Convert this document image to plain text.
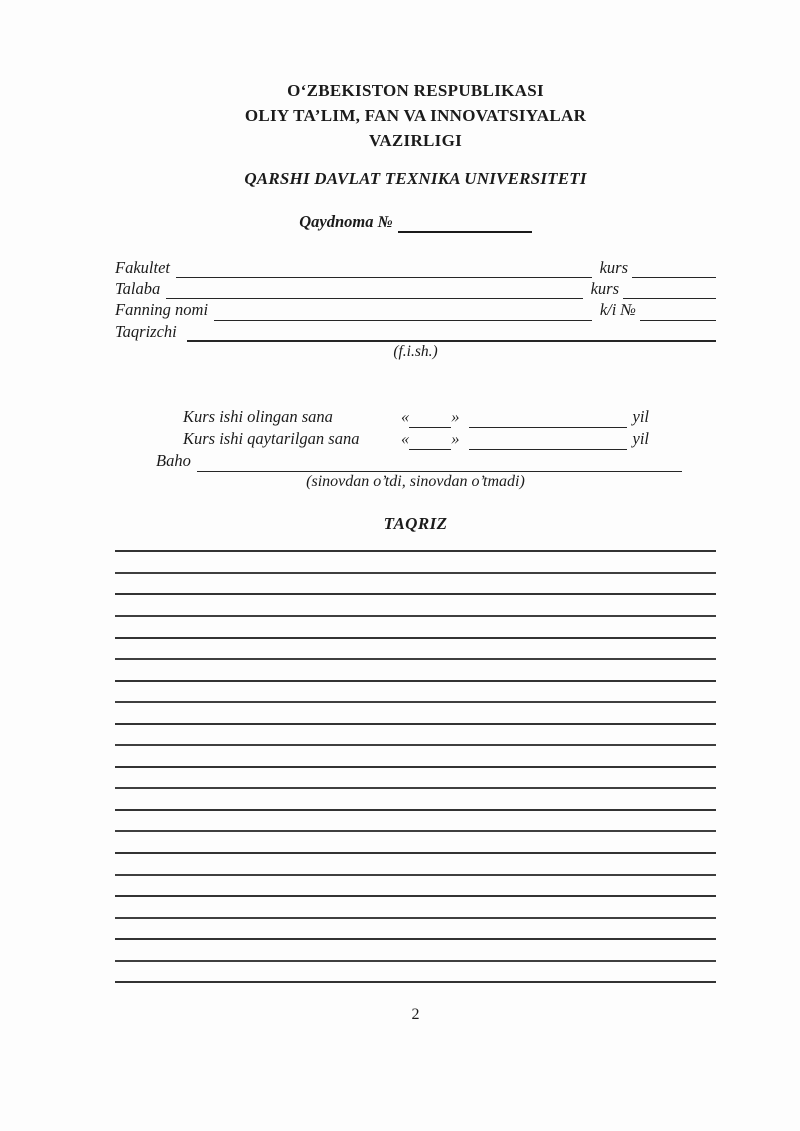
O‘ZBEKISTON RESPUBLIKASI
OLIY TA’LIM, FAN VA INNOVATSIYALAR
VAZIRLIGI
QARSHI DAVLAT TEXNIKA UNIVERSITETI
Qaydnoma №
Fakultet	kurs
Talaba	kurs
Fanning nomi	k/i №
Taqrizchi
(f.i.sh.)
Kurs ishi olingan sana	«	»	yil
Kurs ishi qaytarilgan sana	«	»	yil
Baho
(sinovdan o’tdi, sinovdan o’tmadi)
TAQRIZ
2
